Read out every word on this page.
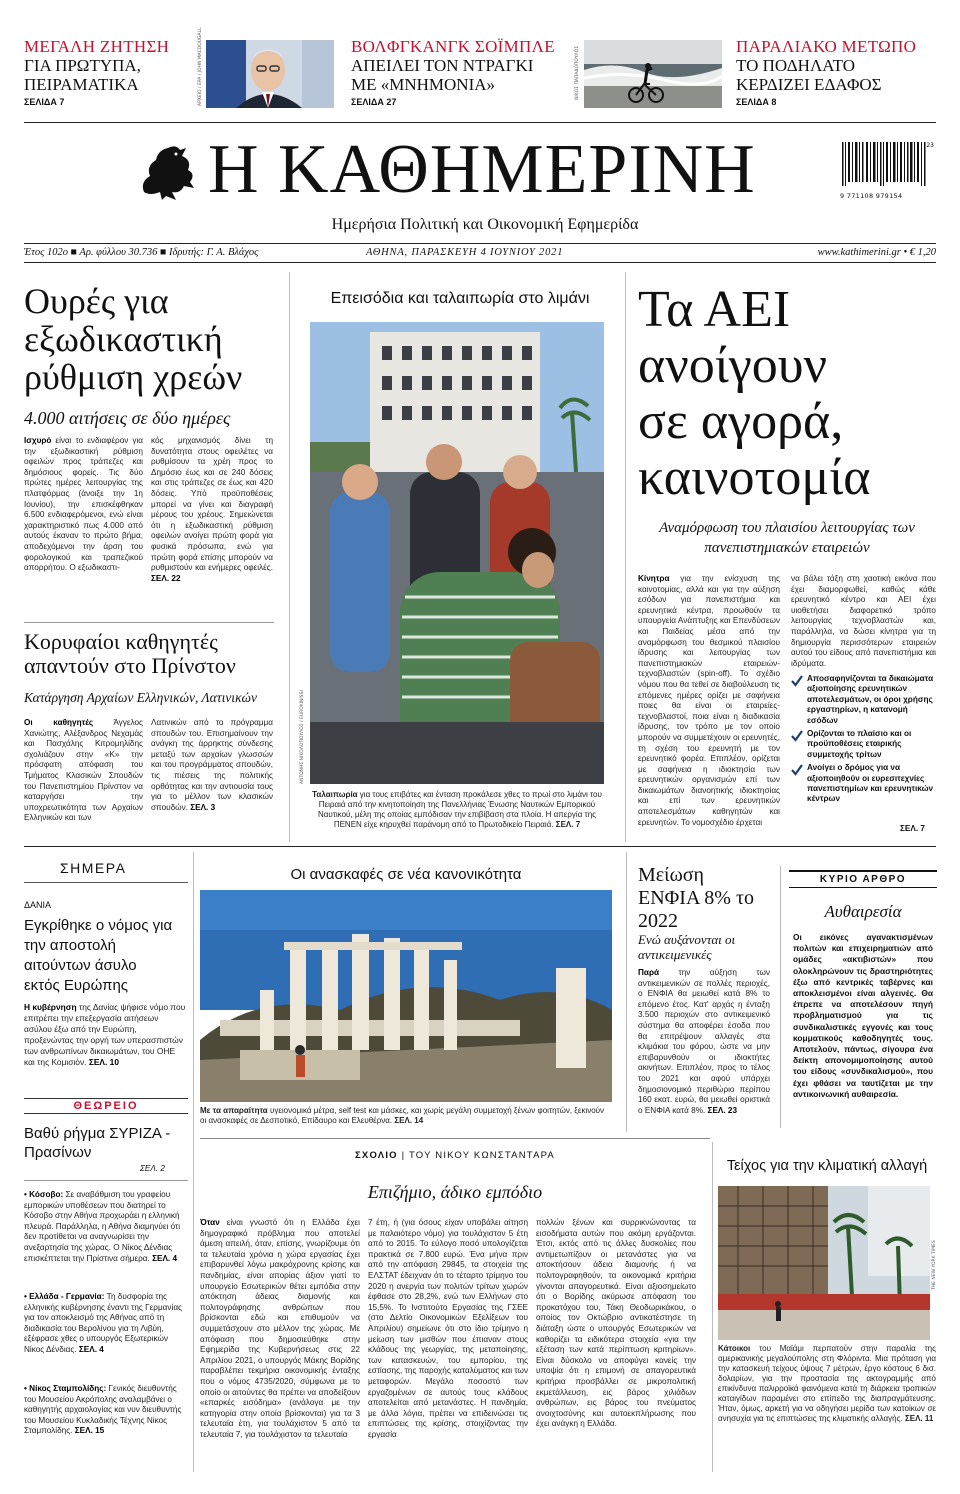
ΜΕΓΑΛΗ ΖΗΤΗΣΗ
ΓΙΑ ΠΡΩΤΥΠΑ, ΠΕΙΡΑΜΑΤΙΚΑ
ΣΕΛΙΔΑ 7	ΑΡΧΕΙΟ / EPA / JOHN MACDOUGALL	ΒΟΛΦΓΚΑΝΓΚ ΣΟΪΜΠΛΕ
ΑΠΕΙΛΕΙ ΤΟΝ ΝΤΡΑΓΚΙ ΜΕ «ΜΝΗΜΟΝΙΑ»
ΣΕΛΙΔΑ 27
ΝΙΚΟΣ ΠΑΠΑΔΟΠΟΥΛΟΣ	ΠΑΡΑΛΙΑΚΟ ΜΕΤΩΠΟ
ΤΟ ΠΟΔΗΛΑΤΟ ΚΕΡΔΙΖΕΙ ΕΔΑΦΟΣ
ΣΕΛΙΔΑ 8
Η ΚΑΘΗΜΕΡΙΝΗ	23
9 771108 979154
Ημερήσια Πολιτική και Οικονομική Εφημερίδα
Έτος 102ο ■ Αρ. φύλλου 30.736 ■ Ιδρυτής: Γ. Α. Βλάχος	ΑΘΗΝΑ, ΠΑΡΑΣΚΕΥΗ 4 ΙΟΥΝΙΟΥ 2021	www.kathimerini.gr • € 1,20
Ουρές για εξωδικαστική ρύθμιση χρεών
4.000 αιτήσεις σε δύο ημέρες
Ισχυρό είναι το ενδιαφέρον για την εξωδικαστική ρύθμιση οφειλών προς τράπεζες και δημόσιους φορείς. Τις δύο πρώτες ημέρες λειτουργίας της πλατφόρμας (άνοιξε την 1η Ιουνίου), την επισκέφθηκαν 6.500 ενδιαφερόμενοι, ενώ είναι χαρακτηριστικό πως 4.000 από αυτούς έκαναν το πρώτο βήμα, αποδεχόμενοι την άρση του φορολογικού και τραπεζικού απορρήτου. Ο εξωδικαστι-
κός μηχανισμός δίνει τη δυνατότητα στους οφειλέτες να ρυθμίσουν τα χρέη προς το Δημόσιο έως και σε 240 δόσεις και στις τράπεζες σε έως και 420 δόσεις. Υπό προϋποθέσεις μπορεί να γίνει και διαγραφή μέρους του χρέους. Σημειώνεται ότι η εξωδικαστική ρύθμιση οφειλών ανοίγει πρώτη φορά για φυσικά πρόσωπα, ενώ για πρώτη φορά επίσης μπορούν να ρυθμιστούν και ενήμερες οφειλές. ΣΕΛ. 22
Κορυφαίοι καθηγητές απαντούν στο Πρίνστον
Κατάργηση Αρχαίων Ελληνικών, Λατινικών
Οι καθηγητές Άγγελος Χανιώτης, Αλέξανδρος Νεχαμάς και Πασχάλης Κιτρομηλίδης σχολιάζουν στην «Κ» την πρόσφατη απόφαση του Τμήματος Κλασικών Σπουδών του Πανεπιστημίου Πρίνστον να καταργήσει την υποχρεωτικότητα των Αρχαίων Ελληνικών και των
Λατινικών από το πρόγραμμα σπουδών του. Επισημαίνουν την ανάγκη της άρρηκτης σύνδεσης μεταξύ των αρχαίων γλωσσών και του προγράμματος σπουδών, τις πιέσεις της πολιτικής ορθότητας και την αντιουσία τους για το μέλλον των κλασικών σπουδών. ΣΕΛ. 3
Επεισόδια και ταλαιπωρία στο λιμάνι
ΑΝΤΩΝΗΣ ΝΙΚΟΛΟΠΟΥΛΟΣ / EUROKINISSI
Ταλαιπωρία για τους επιβάτες και ένταση προκάλεσε χθες το πρωί στο λιμάνι του Πειραιά από την κινητοποίηση της Πανελλήνιας Ένωσης Ναυτικών Εμπορικού Ναυτικού, μέλη της οποίας εμπόδισαν την επιβίβαση στα πλοία. Η απεργία της ΠΕΝΕΝ είχε κηρυχθεί παράνομη από το Πρωτοδικείο Πειραιά. ΣΕΛ. 7
Τα ΑΕΙ ανοίγουν σε αγορά, καινοτομία
Αναμόρφωση του πλαισίου λειτουργίας των πανεπιστημιακών εταιρειών
Κίνητρα για την ενίσχυση της καινοτομίας, αλλά και για την αύξηση εσόδων για πανεπιστήμια και ερευνητικά κέντρα, προωθούν τα υπουργεία Ανάπτυξης και Επενδύσεων και Παιδείας μέσα από την αναμόρφωση του θεσμικού πλαισίου ίδρυσης και λειτουργίας των πανεπιστημιακών εταιρειών-τεχνοβλαστών (spin-off). Το σχέδιο νόμου που θα τεθεί σε διαβούλευση τις επόμενες ημέρες ορίζει με σαφήνεια ποιες θα είναι οι εταιρείες-τεχνοβλαστοί, ποια είναι η διαδικασία ίδρυσης, τον τρόπο με τον οποίο μπορούν να συμμετέχουν οι ερευνητές, τη σχέση του ερευνητή με τον ερευνητικό φορέα. Επιπλέον, ορίζεται με σαφήνεια η ιδιοκτησία των ερευνητικών οργανισμών επί των δικαιωμάτων διανοητικής ιδιοκτησίας και επί των ερευνητικών αποτελεσμάτων καθηγητών και ερευνητών. Το νομοσχέδιο έρχεται
να βάλει τάξη στη χαοτική εικόνα που έχει διαμορφωθεί, καθώς κάθε ερευνητικό κέντρο και ΑΕΙ έχει υιοθετήσει διαφορετικό τρόπο λειτουργίας τεχνοβλαστών και, παράλληλα, να δώσει κίνητρα για τη δημιουργία περισσότερων εταιρειών αυτού του είδους από πανεπιστήμια και ιδρύματα.
Αποσαφηνίζονται τα δικαιώματα αξιοποίησης ερευνητικών αποτελεσμάτων, οι όροι χρήσης εργαστηρίων, η κατανομή εσόδων
Ορίζονται το πλαίσιο και οι προϋποθέσεις εταιρικής συμμετοχής τρίτων
Ανοίγει ο δρόμος για να αξιοποιηθούν οι ευρεσιτεχνίες πανεπιστημίων και ερευνητικών κέντρων
ΣΕΛ. 7
ΣΗΜΕΡΑ
ΔΑΝΙΑ
Εγκρίθηκε ο νόμος για την αποστολή αιτούντων άσυλο εκτός Ευρώπης
Η κυβέρνηση της Δανίας ψήφισε νόμο που επιτρέπει την επεξεργασία αιτήσεων ασύλου έξω από την Ευρώπη, προξενώντας την οργή των υπερασπιστών των ανθρωπίνων δικαιωμάτων, του ΟΗΕ και της Κομισιόν. ΣΕΛ. 10
ΘΕΩΡΕΙΟ
Βαθύ ρήγμα ΣΥΡΙΖΑ - Πρασίνων
ΣΕΛ. 2
• Κόσοβο: Σε αναβάθμιση του γραφείου εμπορικών υποθέσεων που διατηρεί το Κόσοβο στην Αθήνα προχωράει η ελληνική πλευρά. Παράλληλα, η Αθήνα διαμηνύει ότι δεν προτίθεται να αναγνωρίσει την ανεξαρτησία της χώρας. Ο Νίκος Δένδιας επισκέπτεται την Πρίστινα σήμερα. ΣΕΛ. 4
• Ελλάδα - Γερμανία: Τη δυσφορία της ελληνικής κυβέρνησης έναντι της Γερμανίας για τον αποκλεισμό της Αθήνας από τη διαδικασία του Βερολίνου για τη Λιβύη, εξέφρασε χθες ο υπουργός Εξωτερικών Νίκος Δένδιας. ΣΕΛ. 4
• Νίκος Σταμπολίδης: Γενικός διευθυντής του Μουσείου Ακρόπολης αναλαμβάνει ο καθηγητής αρχαιολογίας και νυν διευθυντής του Μουσείου Κυκλαδικής Τέχνης Νίκος Σταμπολίδης. ΣΕΛ. 15
Οι ανασκαφές σε νέα κανονικότητα
Με τα απαραίτητα υγειονομικά μέτρα, self test και μάσκες, και χωρίς μεγάλη συμμετοχή ξένων φοιτητών, ξεκινούν οι ανασκαφές σε Δεσποτικό, Επίδαυρο και Ελευθέρνα. ΣΕΛ. 14
Μείωση ΕΝΦΙΑ 8% το 2022
Ενώ αυξάνονται οι αντικειμενικές
Παρά την αύξηση των αντικειμενικών σε πολλές περιοχές, ο ΕΝΦΙΑ θα μειωθεί κατά 8% το επόμενο έτος. Κατ' αρχάς η ένταξη 3.500 περιοχών στο αντικειμενικό σύστημα θα αποφέρει έσοδα που θα επιτρέψουν αλλαγές στα κλιμάκια του φόρου, ώστε να μην επιβαρυνθούν οι ιδιοκτήτες ακινήτων. Επιπλέον, προς το τέλος του 2021 και αφού υπάρχει δημοσιονομικό περιθώριο περίπου 160 εκατ. ευρώ, θα μειωθεί οριστικά ο ΕΝΦΙΑ κατά 8%. ΣΕΛ. 23
ΚΥΡΙΟ ΑΡΘΡΟ
Αυθαιρεσία
Οι εικόνες αγανακτισμένων πολιτών και επιχειρηματιών από ομάδες «ακτιβιστών» που ολοκληρώνουν τις δραστηριότητες έξω από κεντρικές ταβέρνες και αποκλεισμένοι είναι αλγεινές. Θα έπρεπε να αποτελέσουν πηγή προβληματισμού για τις συνδικαλιστικές εγγονές και τους κομματικούς καθοδηγητές τους. Αποτελούν, πάντως, σίγουρα ένα δείκτη απονομιμοποίησης αυτού του είδους «συνδικαλισμού», που έχει φθάσει να ταυτίζεται με την αντικοινωνική αυθαιρεσία.
ΣΧΟΛΙΟ | ΤΟΥ ΝΙΚΟΥ ΚΩΝΣΤΑΝΤΑΡΑ
Επιζήμιο, άδικο εμπόδιο
Όταν είναι γνωστό ότι η Ελλάδα έχει δημογραφικό πρόβλημα που αποτελεί άμεση απειλή, όταν, επίσης, γνωρίζουμε ότι τα τελευταία χρόνια η χώρα εργασίας έχει επιβαρυνθεί λόγω μακρόχρονης κρίσης και πανδημίας, είναι απορίας άξιον γιατί το υπουργείο Εσωτερικών θέτει εμπόδια στην απόκτηση άδειας διαμονής και πολιτογράφησης ανθρώπων που βρίσκονται εδώ και επιθυμούν να συμμετάσχουν στο μέλλον της χώρας. Με απόφαση που δημοσιεύθηκε στην Εφημερίδα της Κυβερνήσεως στις 22 Απριλίου 2021, ο υπουργός Μάκης Βορίδης παραβλέπει τεκμήρια οικονομικής ένταξης που ο νόμος 4735/2020, σύμφωνα με το οποίο οι αιτούντες θα πρέπει να αποδείξουν «επαρκές εισόδημα» (ανάλογα με την κατηγορία στην οποία βρίσκονται) για τα 3 τελευταία έτη, για τουλάχιστον 5 από τα τελευταία 7, για τουλάχιστον τα τελευταία
7 έτη, ή (για όσους είχαν υποβάλει αίτηση με παλαιότερο νόμο) για τουλάχιστον 5 έτη από το 2015. Το εύλογο ποσό υπολογίζεται πρακτικά σε 7.800 ευρώ. Ένα μήνα πριν από την απόφαση 29845, τα στοιχεία της ΕΛΣΤΑΤ έδειχναν ότι το τέταρτο τρίμηνο του 2020 η ανεργία των πολιτών τρίτων χωρών έφθασε στο 28,2%, ενώ των Ελλήνων στο 15,5%. Το Ινστιτούτο Εργασίας της ΓΣΕΕ (στο Δελτίο Οικονομικών Εξελίξεων του Απριλίου) σημείωνε ότι στο ίδιο τρίμηνο η μείωση των μισθών που έπιαναν στους κλάδους της γεωργίας, της μεταποίησης, των κατασκευών, του εμπορίου, της εστίασης, της παροχής καταλύματος και των μεταφορών. Μεγάλο ποσοστό των εργαζομένων σε αυτούς τους κλάδους αποτελείται από μετανάστες. Η πανδημία, με άλλα λόγια, πρέπει να επιδεινώσει τις επιπτώσεις της κρίσης, στοιχίζοντας την εργασία
πολλών ξένων και συρρικνώνοντας τα εισοδήματα αυτών που ακόμη εργάζονται. Έτσι, εκτός από τις άλλες δυσκολίες που αντιμετωπίζουν οι μετανάστες για να αποκτήσουν άδεια διαμονής ή να πολιτογραφηθούν, τα οικονομικά κριτήρια γίνονται απαγορευτικά. Είναι αξιοσημείωτο ότι ο Βορίδης ακύρωσε απόφαση του προκατόχου του, Τάκη Θεοδωρικάκου, ο οποίος τον Οκτώβριο αντικατέστησε τη διάταξη ώστε ο υπουργός Εσωτερικών να καθορίζει τα ειδικότερα στοιχεία «για την εξέταση των κατά περίπτωση κριτηρίων». Είναι δύσκολο να αποφύγει κανείς την υποψία ότι η επιμονή σε απαγορευτικά κριτήρια προσβάλλει σε μικροπολιτική εκμετάλλευση, εις βάρος χιλιάδων ανθρώπων, εις βάρος του πνεύματος ανοιχτοσύνης και αυτοεκπλήρωσης που έχει ανάγκη η Ελλάδα.
Τείχος για την κλιματική αλλαγή
THE NEW YORK TIMES
Κάτοικοι του Μαϊάμι περπατούν στην παραλία της αμερικανικής μεγαλούπολης στη Φλόριντα. Μια πρόταση για την κατασκευή τείχους ύψους 7 μέτρων, έργο κόστους 6 δισ. δολαρίων, για την προστασία της ακτογραμμής από επικίνδυνα παλιρροϊκά φαινόμενα κατά τη διάρκεια τροπικών καταιγίδων παραμένει στο επίπεδο της διαπραγμάτευσης. Ήταν, όμως, αρκετή για να οδηγήσει μερίδα των κατοίκων σε ανησυχία για τις επιπτώσεις της κλιματικής αλλαγής. ΣΕΛ. 11
